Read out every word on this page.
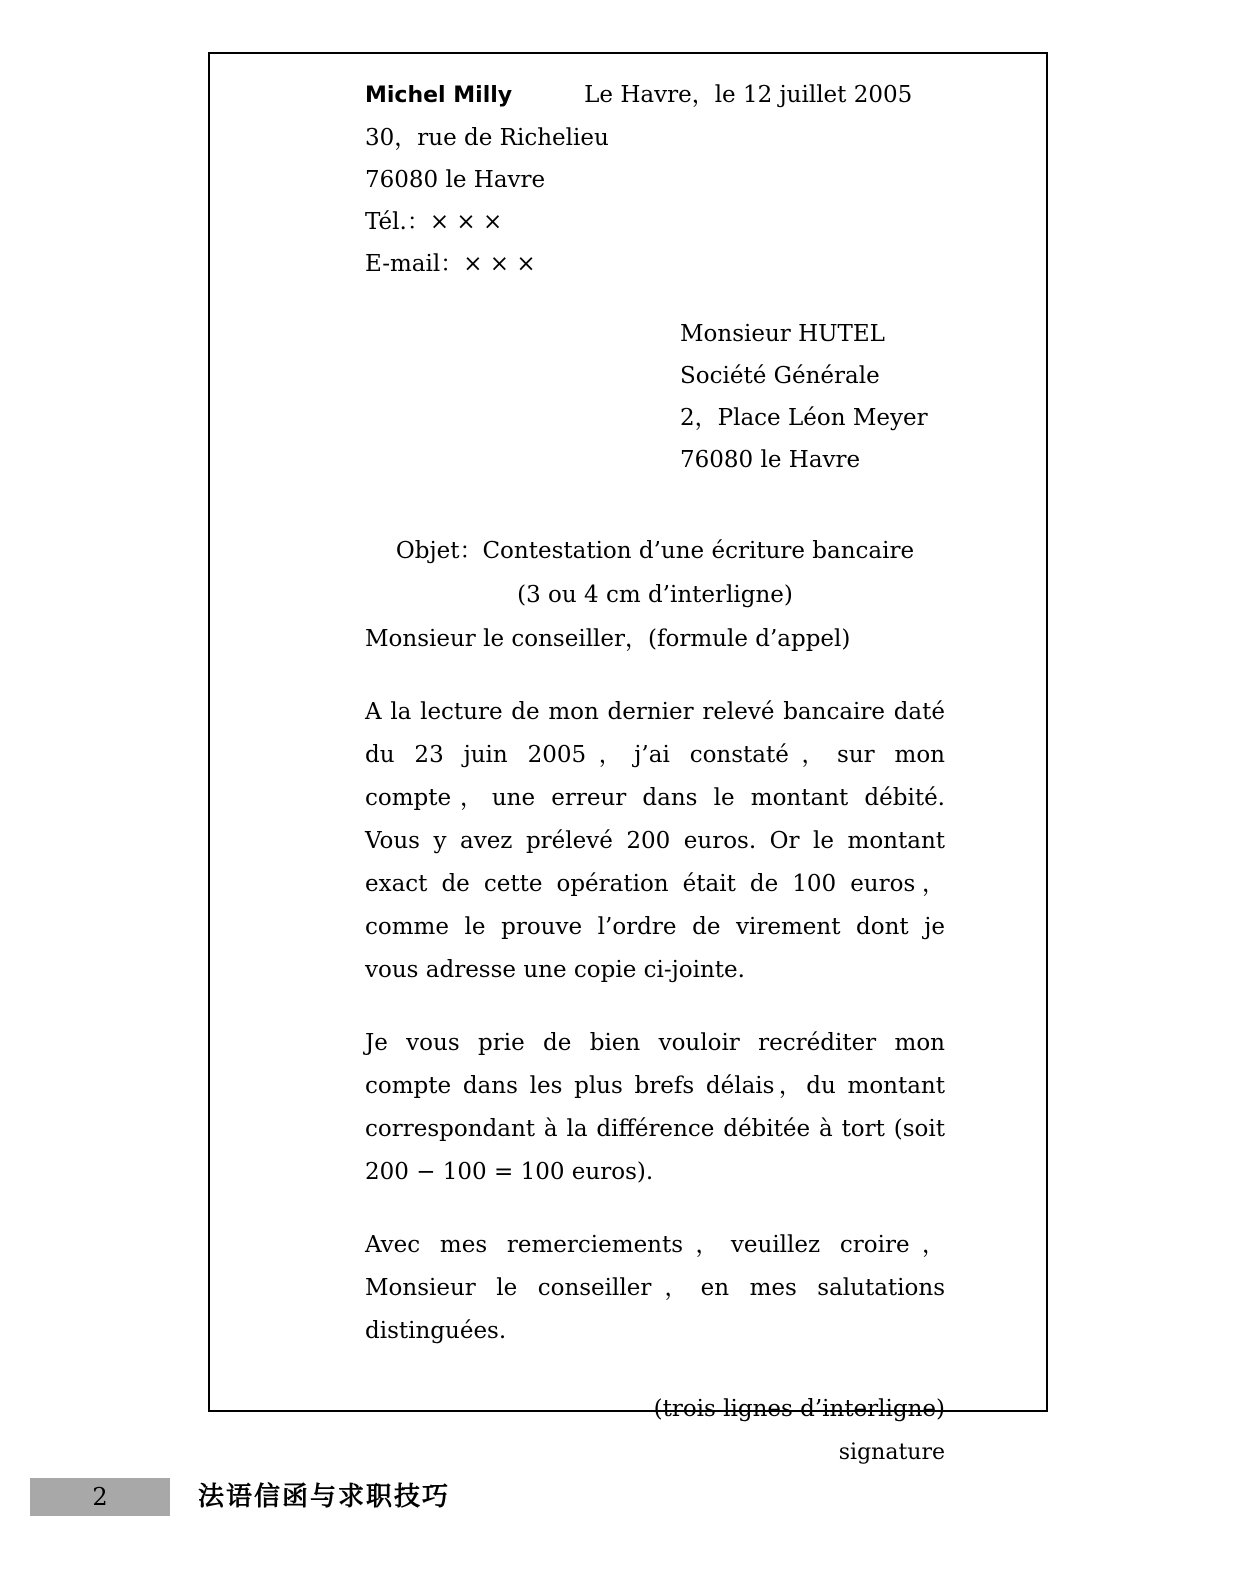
Michel Milly	Le Havre，le 12 juillet 2005
30，rue de Richelieu
76080 le Havre
Tél.：× × ×
E-mail：× × ×
Monsieur HUTEL
Société Générale
2，Place Léon Meyer
76080 le Havre
Objet：Contestation d’une écriture bancaire
(3 ou 4 cm d’interligne)
Monsieur le conseiller，(formule d’appel)
A la lecture de mon dernier relevé bancaire daté du 23 juin 2005，j’ai constaté，sur mon compte，une erreur dans le montant débité. Vous y avez prélevé 200 euros. Or le montant exact de cette opération était de 100 euros，comme le prouve l’ordre de virement dont je vous adresse une copie ci-jointe.
Je vous prie de bien vouloir recréditer mon compte dans les plus brefs délais，du montant correspondant à la différence débitée à tort (soit 200 − 100 = 100 euros).
Avec mes remerciements，veuillez croire，Monsieur le conseiller，en mes salutations distinguées.
(trois lignes d’interligne)
signature
2	法语信函与求职技巧
